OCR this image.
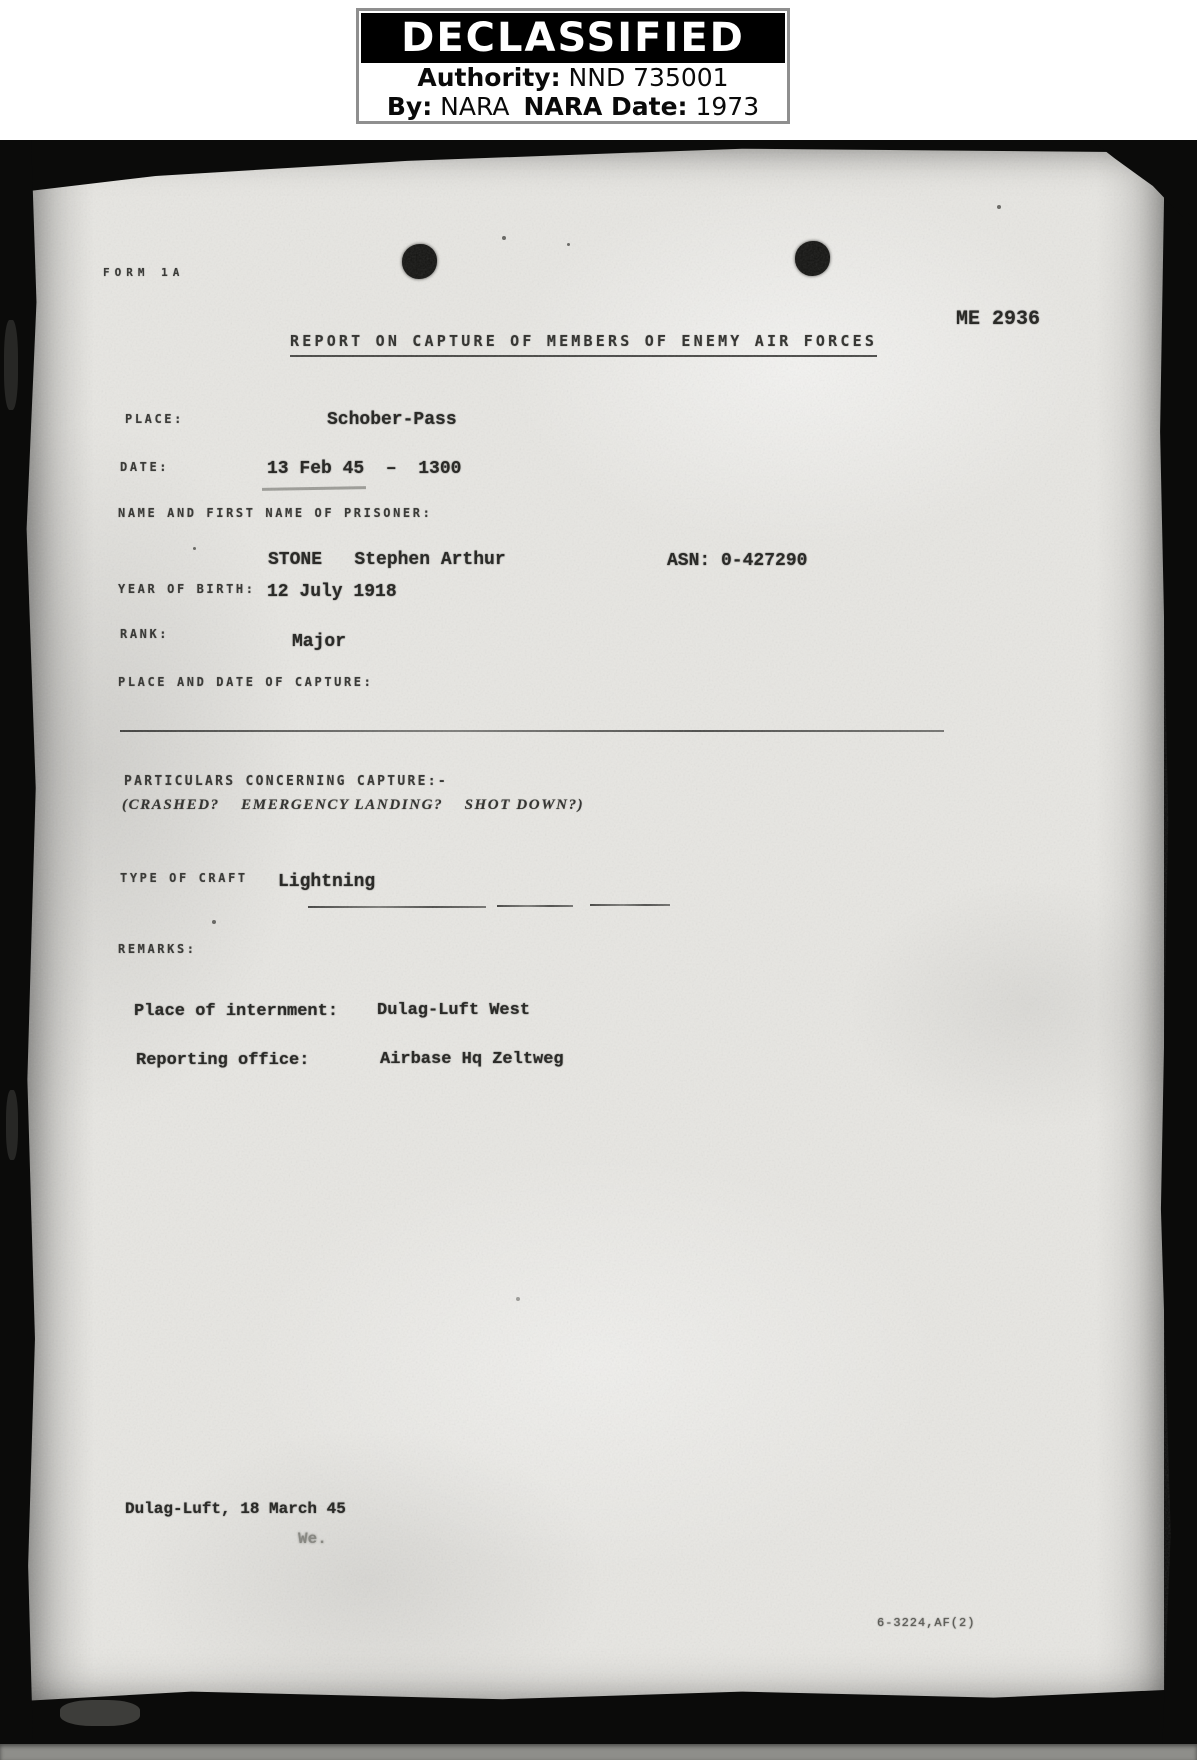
DECLASSIFIED
Authority: NND 735001
By: NARA NARA Date: 1973
FORM 1A
ME 2936
REPORT ON CAPTURE OF MEMBERS OF ENEMY AIR FORCES
PLACE:	Schober-Pass
DATE:	13 Feb 45  –  1300
NAME AND FIRST NAME OF PRISONER:
STONE   Stephen Arthur	ASN: 0-427290
YEAR OF BIRTH: 12 July 1918
RANK:	Major
PLACE AND DATE OF CAPTURE:
PARTICULARS CONCERNING CAPTURE:-
(CRASHED?    EMERGENCY LANDING?    SHOT DOWN?)
TYPE OF CRAFT Lightning
REMARKS:
Place of internment: Dulag-Luft West
Reporting office:	Airbase Hq Zeltweg
Dulag-Luft, 18 March 45
We.
6-3224,AF(2)
